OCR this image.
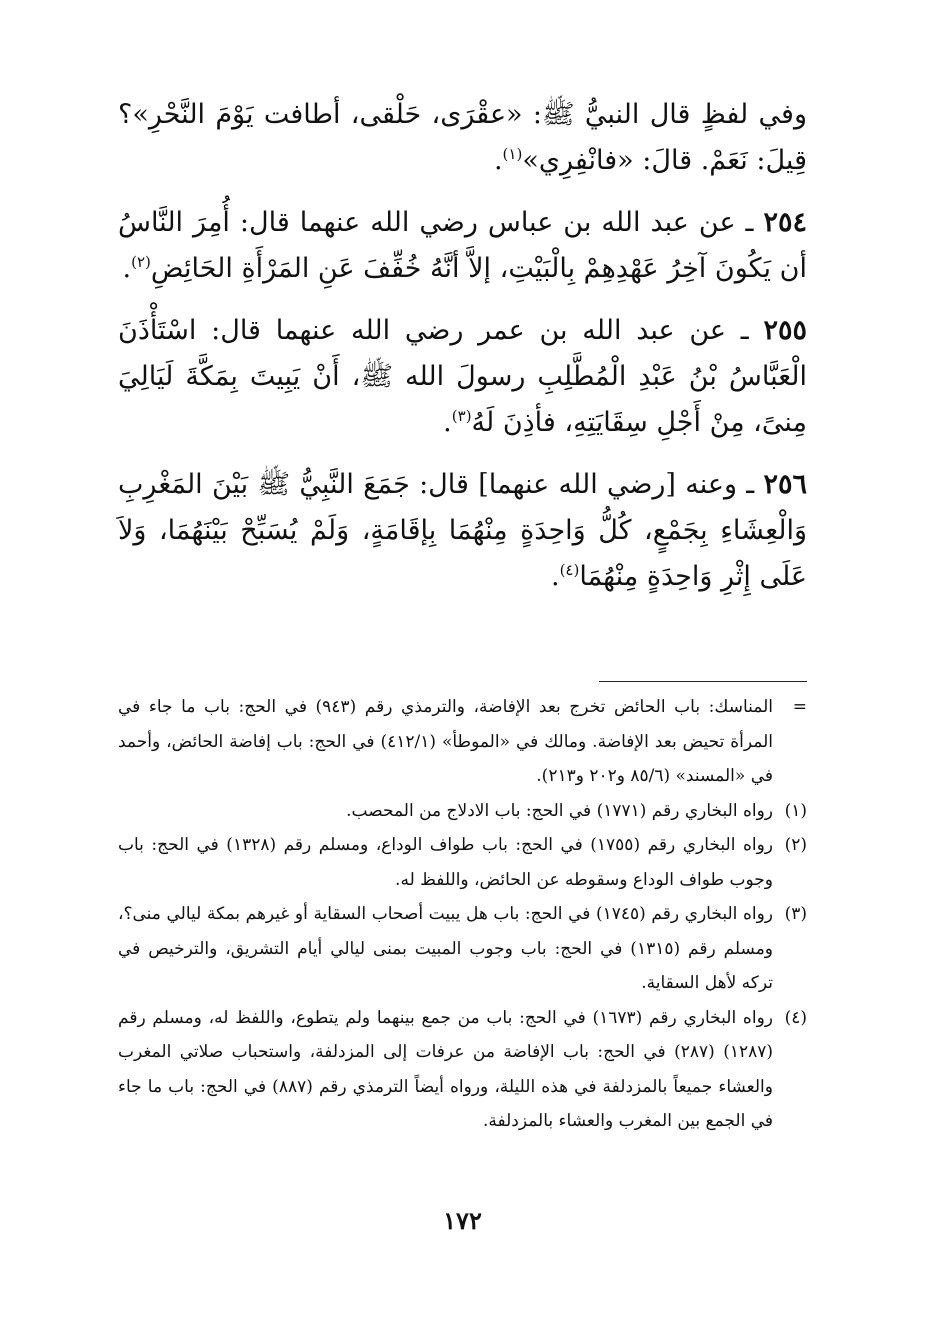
وفي لفظٍ قال النبيُّ ﷺ: «عقْرَى، حَلْقى، أطافت يَوْمَ النَّحْرِ»؟ قِيلَ: نَعَمْ. قالَ: «فانْفِرِي»$^{(١)}$.

٢٥٤ ـ عن عبد الله بن عباس رضي الله عنهما قال: أُمِرَ النَّاسُ أن يَكُونَ آخِرُ عَهْدِهِمْ بِالْبَيْتِ، إلاَّ أنَّهُ خُفِّفَ عَنِ المَرْأَةِ الحَائِضِ$^{(٢)}$.

٢٥٥ ـ عن عبد الله بن عمر رضي الله عنهما قال: اسْتَأْذَنَ الْعَبَّاسُ بْنُ عَبْدِ الْمُطَّلِبِ رسولَ الله ﷺ، أَنْ يَبِيتَ بِمَكَّةَ لَيَالِيَ مِنىً، مِنْ أَجْلِ سِقَايَتِهِ، فأذِنَ لَهُ$^{(٣)}$.

٢٥٦ ـ وعنه [رضي الله عنهما] قال: جَمَعَ النَّبِيُّ ﷺ بَيْنَ المَغْرِبِ وَالْعِشَاءِ بِجَمْعٍ، كُلُّ وَاحِدَةٍ مِنْهُمَا بِإقَامَةٍ، وَلَمْ يُسَبِّحْ بَيْنَهُمَا، وَلاَ عَلَى إِثْرِ وَاحِدَةٍ مِنْهُمَا$^{(٤)}$.

=
المناسك: باب الحائض تخرج بعد الإفاضة، والترمذي رقم (٩٤٣) في الحج: باب ما جاء في المرأة تحيض بعد الإفاضة. ومالك في «الموطأ» (٤١٢/١) في الحج: باب إفاضة الحائض، وأحمد في «المسند» (٨٥/٦ و٢٠٢ و٢١٣).

(١)
رواه البخاري رقم (١٧٧١) في الحج: باب الادلاج من المحصب.

(٢)
رواه البخاري رقم (١٧٥٥) في الحج: باب طواف الوداع، ومسلم رقم (١٣٢٨) في الحج: باب وجوب طواف الوداع وسقوطه عن الحائض، واللفظ له.

(٣)
رواه البخاري رقم (١٧٤٥) في الحج: باب هل يبيت أصحاب السقاية أو غيرهم بمكة ليالي منى؟، ومسلم رقم (١٣١٥) في الحج: باب وجوب المبيت بمنى ليالي أيام التشريق، والترخيص في تركه لأهل السقاية.

(٤)
رواه البخاري رقم (١٦٧٣) في الحج: باب من جمع بينهما ولم يتطوع، واللفظ له، ومسلم رقم (١٢٨٧) (٢٨٧) في الحج: باب الإفاضة من عرفات إلى المزدلفة، واستحباب صلاتي المغرب والعشاء جميعاً بالمزدلفة في هذه الليلة، ورواه أيضاً الترمذي رقم (٨٨٧) في الحج: باب ما جاء في الجمع بين المغرب والعشاء بالمزدلفة.

١٧٢
